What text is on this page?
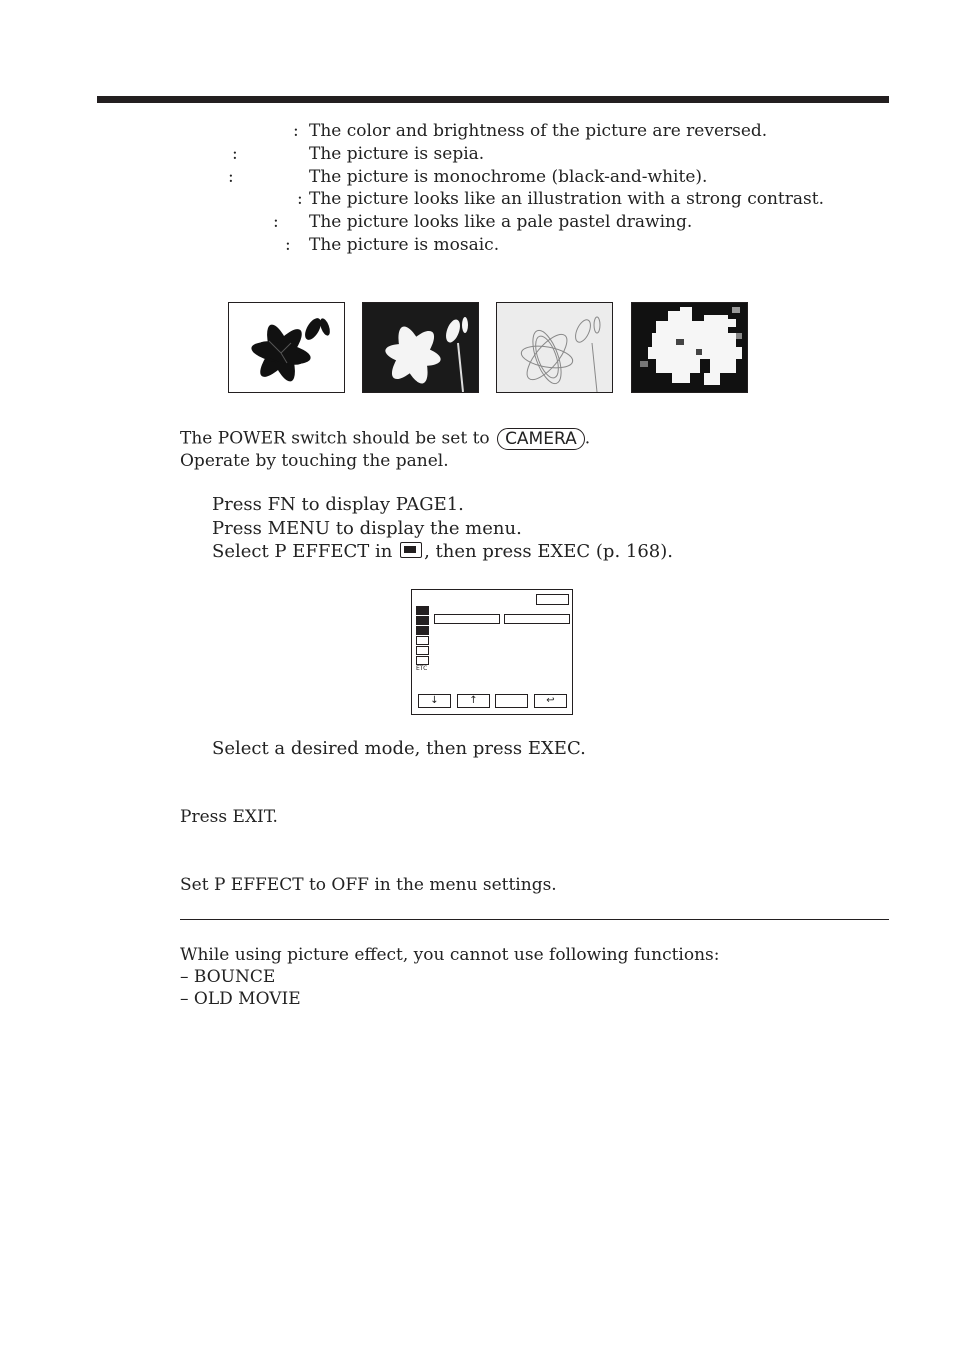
: The color and brightness of the picture are reversed.
:	The picture is sepia.
:	The picture is monochrome (black-and-white).
: The picture looks like an illustration with a strong contrast.
: The picture looks like a pale pastel drawing.
: The picture is mosaic.
The POWER switch should be set to CAMERA .
Operate by touching the panel.
Press FN to display PAGE1.
Press MENU to display the menu.
Select P EFFECT in , then press EXEC (p. 168).
ETC
↓	↑	↩
Select a desired mode, then press EXEC.
Press EXIT.
Set P EFFECT to OFF in the menu settings.
While using picture effect, you cannot use following functions:
– BOUNCE
– OLD MOVIE
